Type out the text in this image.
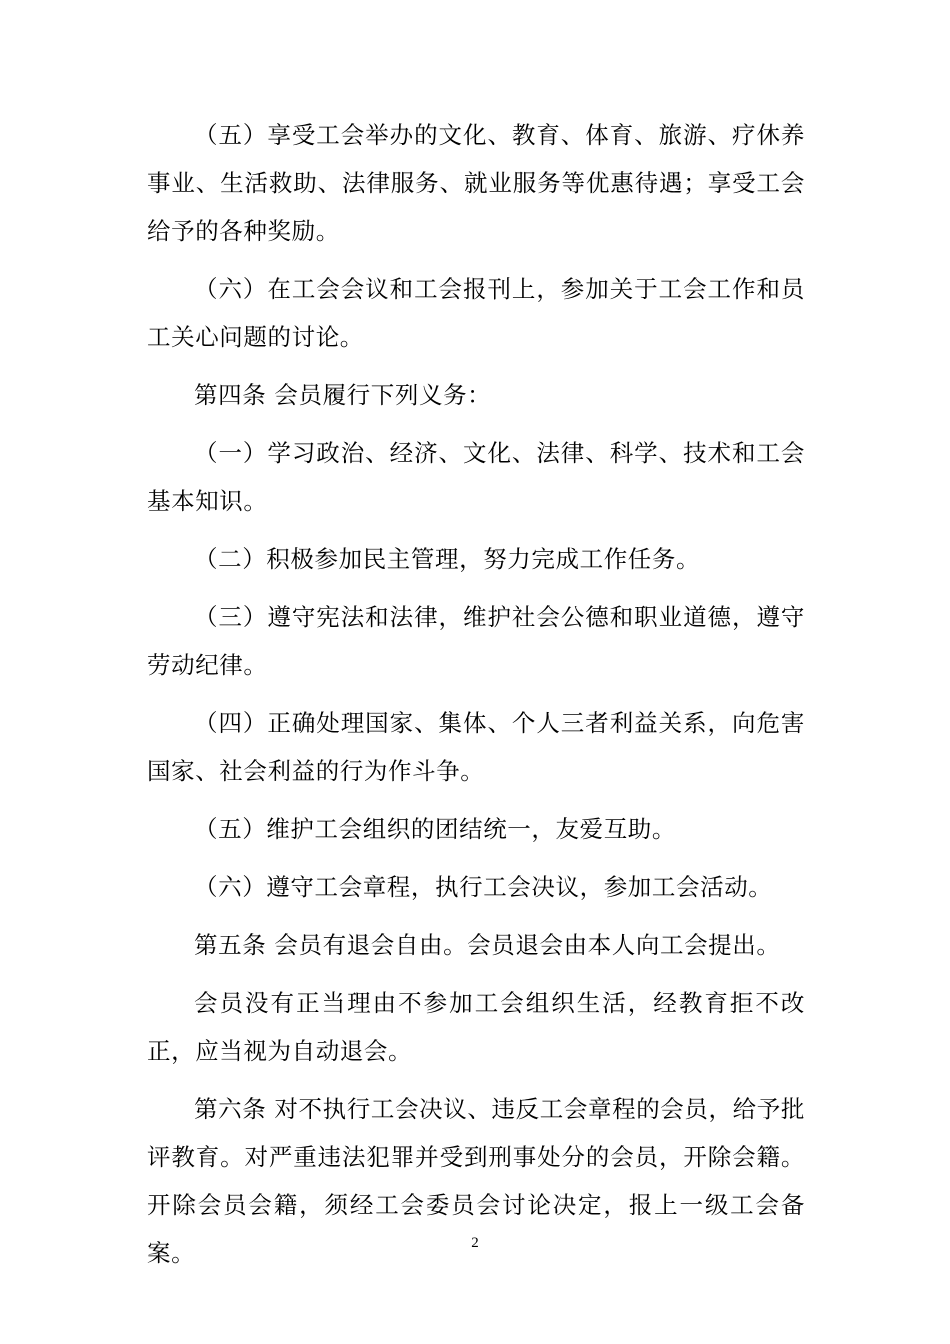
（五）享受工会举办的文化、教育、体育、旅游、疗休养事业、生活救助、法律服务、就业服务等优惠待遇；享受工会给予的各种奖励。

（六）在工会会议和工会报刊上，参加关于工会工作和员工关心问题的讨论。

第四条 会员履行下列义务：

（一）学习政治、经济、文化、法律、科学、技术和工会基本知识。

（二）积极参加民主管理，努力完成工作任务。

（三）遵守宪法和法律，维护社会公德和职业道德，遵守劳动纪律。

（四）正确处理国家、集体、个人三者利益关系，向危害国家、社会利益的行为作斗争。

（五）维护工会组织的团结统一，友爱互助。

（六）遵守工会章程，执行工会决议，参加工会活动。

第五条 会员有退会自由。会员退会由本人向工会提出。

会员没有正当理由不参加工会组织生活，经教育拒不改正，应当视为自动退会。

第六条 对不执行工会决议、违反工会章程的会员，给予批评教育。对严重违法犯罪并受到刑事处分的会员，开除会籍。开除会员会籍，须经工会委员会讨论决定，报上一级工会备案。	2
